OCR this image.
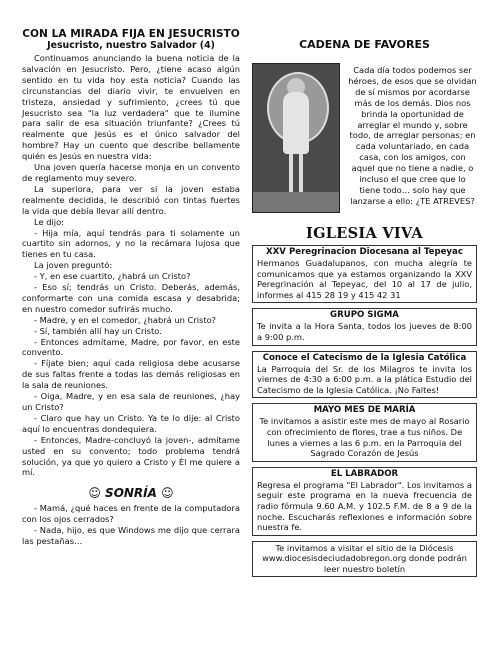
CON LA MIRADA FIJA EN JESUCRISTO
Jesucristo, nuestro Salvador (4)

Continuamos anunciando la buena noticia de la salvación en Jesucristo. Pero, ¿tiene acaso algún sentido en tu vida hoy esta noticia? Cuando las circunstancias del diario vivir, te envuelven en tristeza, ansiedad y sufrimiento, ¿crees tú que Jesucristo sea "la luz verdadera" que te ilumine para salir de esa situación triunfante? ¿Crees tú realmente que Jesús es el único salvador del hombre? Hay un cuento que describe bellamente quién es Jesús en nuestra vida:

Una joven quería hacerse monja en un convento de reglamento muy severo.

La superiora, para ver si la joven estaba realmente decidida, le describió con tintas fuertes la vida que debía llevar allí dentro.

Le dijo:

- Hija mía, aquí tendrás para ti solamente un cuartito sin adornos, y no la recámara lujosa que tienes en tu casa.

La joven preguntó:

- Y, en ese cuartito, ¿habrá un Cristo?

- Eso sí; tendrás un Cristo. Deberás, además, conformarte con una comida escasa y desabrida; en nuestro comedor sufrirás mucho.

- Madre, y en el comedor, ¿habrá un Cristo?

- Sí, también allí hay un Cristo.

- Entonces admítame, Madre, por favor, en este convento.

- Fíjate bien; aquí cada religiosa debe acusarse de sus faltas frente a todas las demás religiosas en la sala de reuniones.

- Oiga, Madre, y en esa sala de reuniones, ¿hay un Cristo?

- Claro que hay un Cristo. Ya te lo dije: al Cristo aquí lo encuentras dondequiera.

- Entonces, Madre-concluyó la joven-, admítame usted en su convento; todo problema tendrá solución, ya que yo quiero a Cristo y Él me quiere a mí.

☺ SONRÍA ☺

- Mamá, ¿qué haces en frente de la computadora con los ojos cerrados?

- Nada, hijo, es que Windows me dijo que cerrara las pestañas…

CADENA DE FAVORES
Cada día todos podemos ser héroes, de esos que se olvidan de sí mismos por acordarse más de los demás. Dios nos brinda la oportunidad de arreglar el mundo y, sobre todo, de arreglar personas; en cada voluntariado, en cada casa, con los amigos, con aquel que no tiene a nadie, o incluso el que cree que lo tiene todo… solo hay que lanzarse a ello: ¿TE ATREVES?
IGLESIA VIVA
XXV Peregrinacion Diocesana al Tepeyac
Hermanos Guadalupanos, con mucha alegría te comunicamos que ya estamos organizando la XXV Peregrinación al Tepeyac, del 10 al 17 de julio, informes al 415 28 19 y 415 42 31
GRUPO SIGMA
Te invita a la Hora Santa, todos los jueves de 8:00 a 9:00 p.m.
Conoce el Catecismo de la Iglesia Católica
La Parroquia del Sr. de los Milagros te invita los viernes de 4:30 a 6:00 p.m. a la plática Estudio del Catecismo de la Iglesia Católica. ¡No Faltes!
MAYO MES DE MARÍA
Te invitamos a asistir este mes de mayo al Rosario con ofrecimiento de flores, trae a tus niños. De lunes a viernes a las 6 p.m. en la Parroquia del Sagrado Corazón de Jesús
EL LABRADOR
Regresa el programa "El Labrador". Los invitamos a seguir este programa en la nueva frecuencia de radio fórmula 9.60 A.M. y 102.5 F.M. de 8 a 9 de la noche. Escucharás reflexiones e información sobre nuestra fe.
Te invitamos a visitar el sitio de la Diócesis www.diocesisdeciudadobregon.org donde podrán leer nuestro boletín
